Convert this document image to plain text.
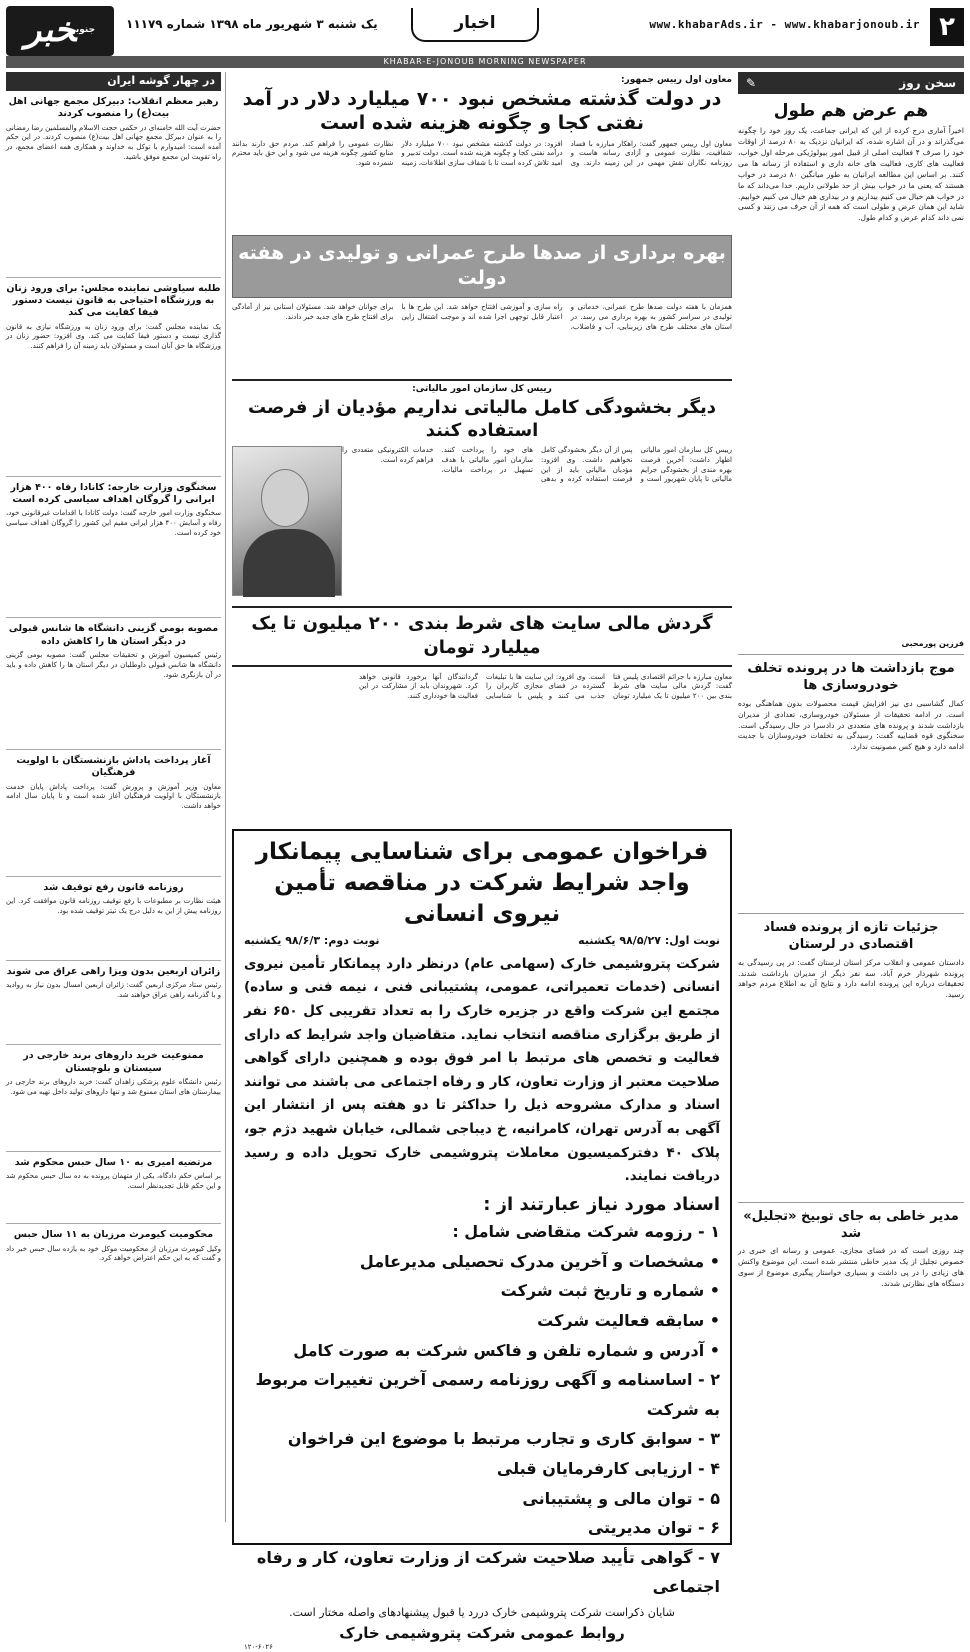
۲
www.khabarAds.ir - www.khabarjonoub.ir
اخبار
یک شنبه ۳ شهریور ماه ۱۳۹۸ شماره ۱۱۱۷۹
$^{جنوب}$خبر
KHABAR-E-JONOUB MORNING NEWSPAPER
سخن روز
✎
هم عرض هم طول

اخیراً آماری درج کرده از این که ایرانی جماعت، یک روز خود را چگونه می‌گذراند و در آن اشاره شده، که ایرانیان نزدیک به ۸۰ درصد از اوقات خود را صرف ۴ فعالیت اصلی از قبیل امور بیولوژیکی مرحله اول خواب، فعالیت های کاری، فعالیت های خانه داری و استفاده از رسانه ها می کنند. بر اساس این مطالعه ایرانیان به طور میانگین ۸۰ درصد در خواب هستند که یعنی ما در خواب بیش از حد طولانی داریم. خدا می‌داند که ما در خواب هم خیال می کنیم بیداریم و در بیداری هم خیال می کنیم خوابیم. شاید این همان عرض و طولی است که همه از آن حرف می زنند و کسی نمی داند کدام عرض و کدام طول.

فرزین پورمحبی
موج بازداشت ها در پرونده تخلف خودروسازی ها

کمال گشاسبی دی نیز افزایش قیمت محصولات بدون هماهنگی بوده است. در ادامه تحقیقات از مسئولان خودروسازی، تعدادی از مدیران بازداشت شدند و پرونده های متعددی در دادسرا در حال رسیدگی است. سخنگوی قوه قضاییه گفت: رسیدگی به تخلفات خودروسازان با جدیت ادامه دارد و هیچ کس مصونیت ندارد.

جزئیات تازه از پرونده فساد اقتصادی در لرستان

دادستان عمومی و انقلاب مرکز استان لرستان گفت: در پی رسیدگی به پرونده شهردار خرم آباد، سه نفر دیگر از مدیران بازداشت شدند. تحقیقات درباره این پرونده ادامه دارد و نتایج آن به اطلاع مردم خواهد رسید.

مدیر خاطی به جای توبیخ «تجلیل» شد

چند روزی است که در فضای مجازی، عمومی و رسانه ای خبری در خصوص تجلیل از یک مدیر خاطی منتشر شده است. این موضوع واکنش های زیادی را در پی داشت و بسیاری خواستار پیگیری موضوع از سوی دستگاه های نظارتی شدند.

در چهار گوشه ایران
رهبر معظم انقلاب: دبیرکل مجمع جهانی اهل بیت(ع) را منصوب کردند

حضرت آیت الله خامنه‌ای در حکمی حجت الاسلام والمسلمین رضا رمضانی را به عنوان دبیرکل مجمع جهانی اهل بیت(ع) منصوب کردند. در این حکم آمده است: امیدوارم با توکل به خداوند و همکاری همه اعضای مجمع، در راه تقویت این مجمع موفق باشید.

طلبه سیاوشی نماینده مجلس: برای ورود زنان به ورزشگاه احتیاجی به قانون نیست دستور فیفا کفایت می کند

یک نماینده مجلس گفت: برای ورود زنان به ورزشگاه نیازی به قانون گذاری نیست و دستور فیفا کفایت می کند. وی افزود: حضور زنان در ورزشگاه ها حق آنان است و مسئولان باید زمینه آن را فراهم کنند.

سخنگوی وزارت خارجه: کانادا رفاه ۴۰۰ هزار ایرانی را گروگان اهداف سیاسی کرده است

سخنگوی وزارت امور خارجه گفت: دولت کانادا با اقدامات غیرقانونی خود، رفاه و آسایش ۴۰۰ هزار ایرانی مقیم این کشور را گروگان اهداف سیاسی خود کرده است.

مصوبه بومی گزینی دانشگاه ها شانس قبولی در دیگر استان ها را کاهش داده

رئیس کمیسیون آموزش و تحقیقات مجلس گفت: مصوبه بومی گزینی دانشگاه ها شانس قبولی داوطلبان در دیگر استان ها را کاهش داده و باید در آن بازنگری شود.

آغاز پرداخت پاداش بازنشستگان با اولویت فرهنگیان

معاون وزیر آموزش و پرورش گفت: پرداخت پاداش پایان خدمت بازنشستگان با اولویت فرهنگیان آغاز شده است و تا پایان سال ادامه خواهد داشت.

روزنامه قانون رفع توقیف شد

هیئت نظارت بر مطبوعات با رفع توقیف روزنامه قانون موافقت کرد. این روزنامه پیش از این به دلیل درج یک تیتر توقیف شده بود.

زائران اربعین بدون ویزا راهی عراق می شوند

رئیس ستاد مرکزی اربعین گفت: زائران اربعین امسال بدون نیاز به روادید و با گذرنامه راهی عراق خواهند شد.

ممنوعیت خرید داروهای برند خارجی در سیستان و بلوچستان

رئیس دانشگاه علوم پزشکی زاهدان گفت: خرید داروهای برند خارجی در بیمارستان های استان ممنوع شد و تنها داروهای تولید داخل تهیه می شود.

مرتضیه امیری به ۱۰ سال حبس محکوم شد

بر اساس حکم دادگاه، یکی از متهمان پرونده به ده سال حبس محکوم شد و این حکم قابل تجدیدنظر است.

محکومیت کیومرث مرزبان به ۱۱ سال حبس

وکیل کیومرث مرزبان از محکومیت موکل خود به یازده سال حبس خبر داد و گفت که به این حکم اعتراض خواهد کرد.

معاون اول رییس جمهور:
در دولت گذشته مشخص نبود ۷۰۰ میلیارد دلار در آمد نفتی کجا و چگونه هزینه شده است
معاون اول رییس جمهور گفت: راهکار مبارزه با فساد شفافیت، نظارت عمومی و آزادی رسانه هاست و روزنامه نگاران نقش مهمی در این زمینه دارند. وی افزود: در دولت گذشته مشخص نبود ۷۰۰ میلیارد دلار درآمد نفتی کجا و چگونه هزینه شده است. دولت تدبیر و امید تلاش کرده است تا با شفاف سازی اطلاعات، زمینه نظارت عمومی را فراهم کند. مردم حق دارند بدانند منابع کشور چگونه هزینه می شود و این حق باید محترم شمرده شود.
بهره برداری از صدها طرح عمرانی و تولیدی در هفته دولت
همزمان با هفته دولت صدها طرح عمرانی، خدماتی و تولیدی در سراسر کشور به بهره برداری می رسد. در استان های مختلف طرح های زیربنایی، آب و فاضلاب، راه سازی و آموزشی افتتاح خواهد شد. این طرح ها با اعتبار قابل توجهی اجرا شده اند و موجب اشتغال زایی برای جوانان خواهد شد. مسئولان استانی نیز از آمادگی برای افتتاح طرح های جدید خبر دادند.
رییس کل سازمان امور مالیاتی:
دیگر بخشودگی کامل مالیاتی نداریم مؤدیان از فرصت استفاده کنند
رییس کل سازمان امور مالیاتی اظهار داشت: آخرین فرصت بهره مندی از بخشودگی جرایم مالیاتی تا پایان شهریور است و پس از آن دیگر بخشودگی کامل نخواهیم داشت. وی افزود: مؤدیان مالیاتی باید از این فرصت استفاده کرده و بدهی های خود را پرداخت کنند. سازمان امور مالیاتی با هدف تسهیل در پرداخت مالیات، خدمات الکترونیکی متعددی را فراهم کرده است.
گردش مالی سایت های شرط بندی ۲۰۰ میلیون تا یک میلیارد تومان
معاون مبارزه با جرائم اقتصادی پلیس فتا گفت: گردش مالی سایت های شرط بندی بین ۲۰۰ میلیون تا یک میلیارد تومان است. وی افزود: این سایت ها با تبلیغات گسترده در فضای مجازی کاربران را جذب می کنند و پلیس با شناسایی گردانندگان آنها برخورد قانونی خواهد کرد. شهروندان باید از مشارکت در این فعالیت ها خودداری کنند.
فراخوان عمومی برای شناسایی پیمانکار
واجد شرایط شرکت در مناقصه تأمین نیروی انسانی
نوبت اول: ۹۸/۵/۲۷ یکشنبه
نوبت دوم: ۹۸/۶/۳ یکشنبه
شرکت پتروشیمی خارک (سهامی عام) درنظر دارد پیمانکار تأمین نیروی انسانی (خدمات تعمیراتی، عمومی، پشتیبانی فنی ، نیمه فنی و ساده) مجتمع این شرکت واقع در جزیره خارک را به تعداد تقریبی کل ۶۵۰ نفر از طریق برگزاری مناقصه انتخاب نماید. متقاضیان واجد شرایط که دارای فعالیت و تخصص های مرتبط با امر فوق بوده و همچنین دارای گواهی صلاحیت معتبر از وزارت تعاون، کار و رفاه اجتماعی می باشند می توانند اسناد و مدارک مشروحه ذیل را حداکثر تا دو هفته پس از انتشار این آگهی به آدرس تهران، کامرانیه، خ دیباجی شمالی، خیابان شهید دژم جو، پلاک ۴۰ دفترکمیسیون معاملات پتروشیمی خارک تحویل داده و رسید دریافت نمایند.
اسناد مورد نیاز عبارتند از :
۱ - رزومه شرکت متقاضی شامل :
• مشخصات و آخرین مدرک تحصیلی مدیرعامل
• شماره و تاریخ ثبت شرکت
• سابقه فعالیت شرکت
• آدرس و شماره تلفن و فاکس شرکت به صورت کامل
۲ - اساسنامه و آگهی روزنامه رسمی آخرین تغییرات مربوط به شرکت
۳ - سوابق کاری و تجارب مرتبط با موضوع این فراخوان
۴ - ارزیابی کارفرمایان قبلی
۵ - توان مالی و پشتیبانی
۶ - توان مدیریتی
۷ - گواهی تأیید صلاحیت شرکت از وزارت تعاون، کار و رفاه اجتماعی
شایان ذکراست شرکت پتروشیمی خارک دررد یا قبول پیشنهادهای واصله مختار است.
روابط عمومی شرکت پتروشیمی خارک
۱۲۰-۶۰۲۶
